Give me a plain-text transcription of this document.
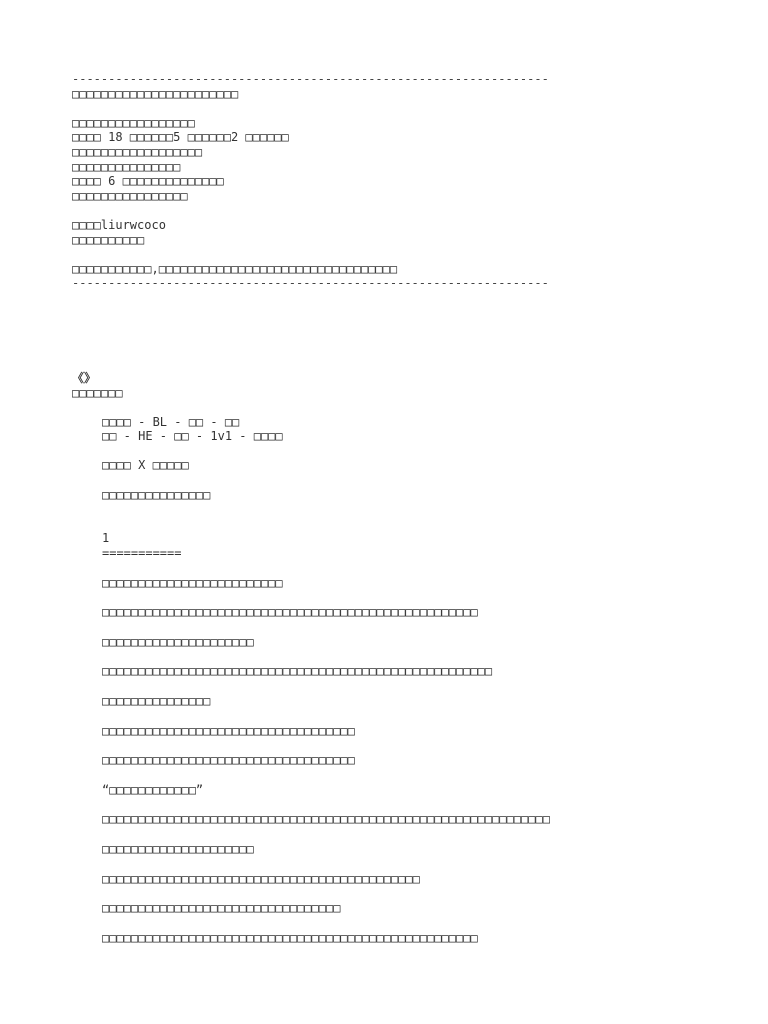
------------------------------------------------------------------
□□□□□□□□□□□□□□□□□□□□□□□
□□□□□□□□□□□□□□□□□
□□□□ 18 □□□□□□5 □□□□□□2 □□□□□□
□□□□□□□□□□□□□□□□□□
□□□□□□□□□□□□□□□
□□□□ 6 □□□□□□□□□□□□□□
□□□□□□□□□□□□□□□□
□□□□liurwcoco
□□□□□□□□□□
□□□□□□□□□□□,□□□□□□□□□□□□□□□□□□□□□□□□□□□□□□□□□
------------------------------------------------------------------
《》
□□□□□□□
□□□□ - BL - □□ - □□
□□ - HE - □□ - 1v1 - □□□□
□□□□ X □□□□□
□□□□□□□□□□□□□□□
1
===========
□□□□□□□□□□□□□□□□□□□□□□□□□
□□□□□□□□□□□□□□□□□□□□□□□□□□□□□□□□□□□□□□□□□□□□□□□□□□□□
□□□□□□□□□□□□□□□□□□□□□
□□□□□□□□□□□□□□□□□□□□□□□□□□□□□□□□□□□□□□□□□□□□□□□□□□□□□□
□□□□□□□□□□□□□□□
□□□□□□□□□□□□□□□□□□□□□□□□□□□□□□□□□□□
□□□□□□□□□□□□□□□□□□□□□□□□□□□□□□□□□□□
“□□□□□□□□□□□□”
□□□□□□□□□□□□□□□□□□□□□□□□□□□□□□□□□□□□□□□□□□□□□□□□□□□□□□□□□□□□□□
□□□□□□□□□□□□□□□□□□□□□
□□□□□□□□□□□□□□□□□□□□□□□□□□□□□□□□□□□□□□□□□□□□
□□□□□□□□□□□□□□□□□□□□□□□□□□□□□□□□□
□□□□□□□□□□□□□□□□□□□□□□□□□□□□□□□□□□□□□□□□□□□□□□□□□□□□
